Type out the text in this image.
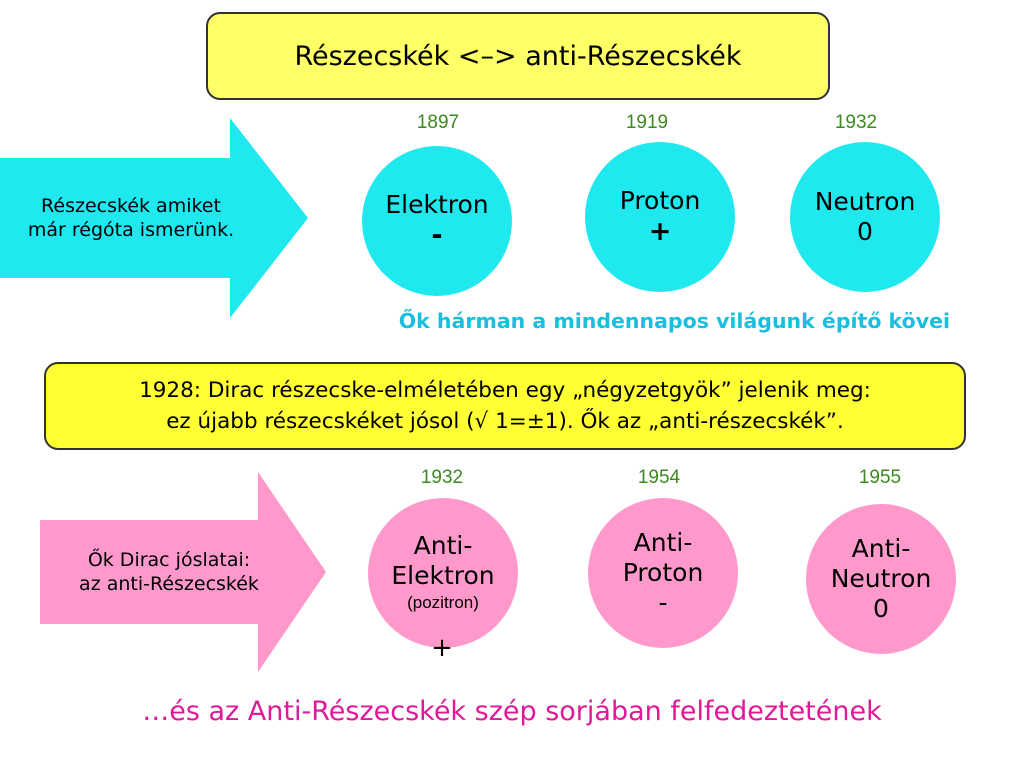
Részecskék <–> anti-Részecskék
Részecskék amiket
már régóta ismerünk.
1897	1919	1932
Elektron
-
Proton
+
Neutron
0
Ők hárman a mindennapos világunk építő kövei
1928: Dirac részecske-elméletében egy „négyzetgyök” jelenik meg:
ez újabb részecskéket jósol (√ 1=±1). Ők az „anti-részecskék”.
Ők Dirac jóslatai:
az anti-Részecskék
1932	1954	1955
Anti-
Elektron
(pozitron)
+
Anti-
Proton
-
Anti-
Neutron
0
…és az Anti-Részecskék szép sorjában felfedeztetének
